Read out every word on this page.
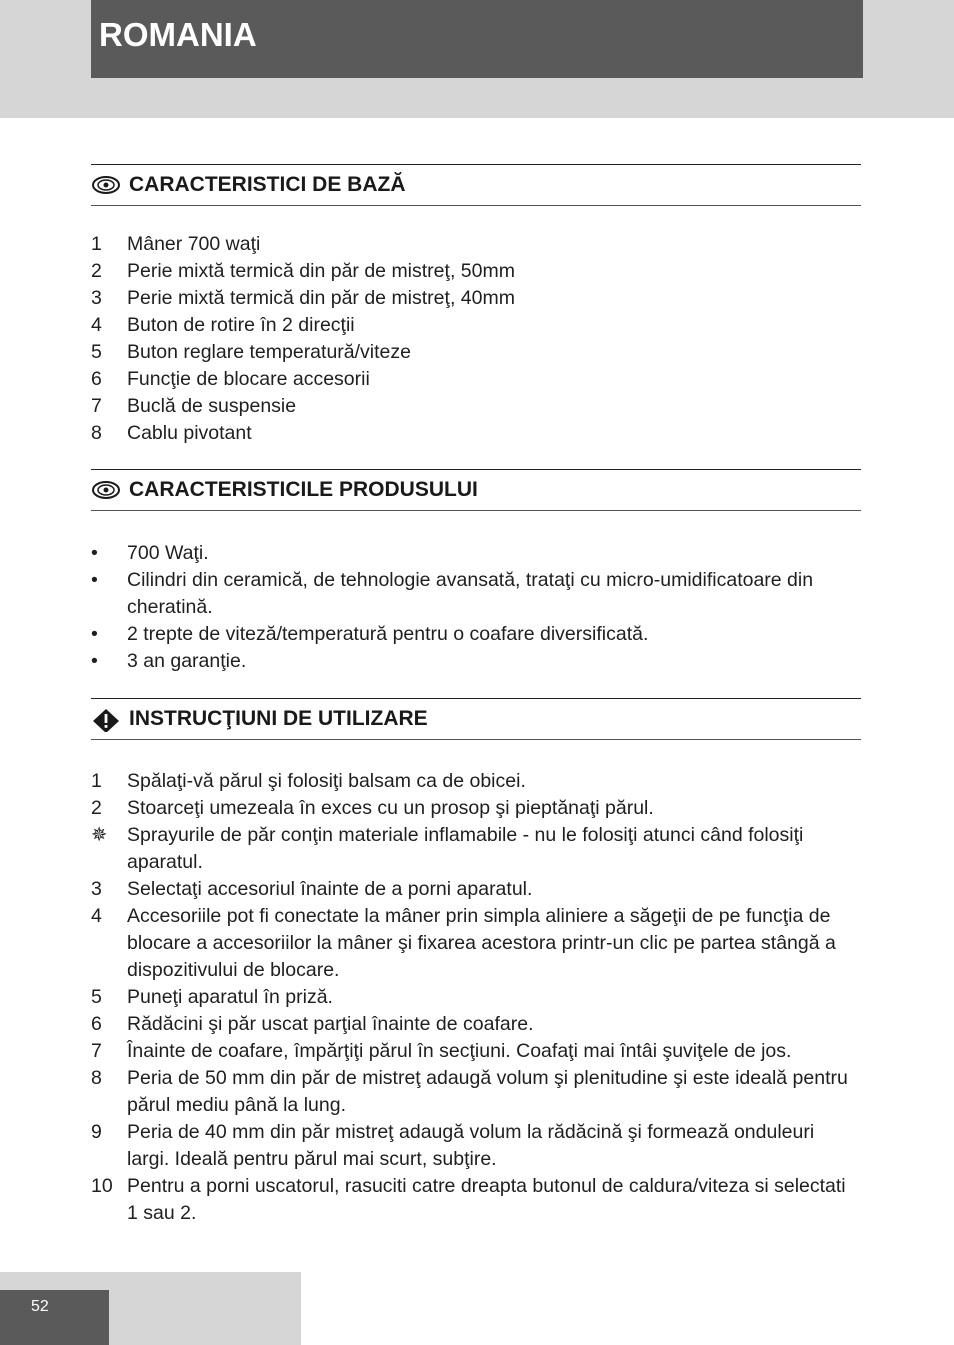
ROMANIA
CARACTERISTICI DE BAZĂ
1	Mâner 700 waţi
2	Perie mixtă termică din păr de mistreţ, 50mm
3	Perie mixtă termică din păr de mistreţ, 40mm
4	Buton de rotire în 2 direcţii
5	Buton reglare temperatură/viteze
6	Funcţie de blocare accesorii
7	Buclă de suspensie
8	Cablu pivotant
CARACTERISTICILE PRODUSULUI
•	700 Waţi.
•	Cilindri din ceramică, de tehnologie avansată, trataţi cu micro-umidificatoare din cheratină.
•	2 trepte de viteză/temperatură pentru o coafare diversificată.
•	3 an garanţie.
INSTRUCŢIUNI DE UTILIZARE
1	Spălaţi-vă părul şi folosiţi balsam ca de obicei.
2	Stoarceţi umezeala în exces cu un prosop şi pieptănaţi părul.
✵	Sprayurile de păr conţin materiale inflamabile - nu le folosiţi atunci când folosiţi aparatul.
3	Selectaţi accesoriul înainte de a porni aparatul.
4	Accesoriile pot fi conectate la mâner prin simpla aliniere a săgeţii de pe funcţia de blocare a accesoriilor la mâner şi fixarea acestora printr-un clic pe partea stângă a dispozitivului de blocare.
5	Puneţi aparatul în priză.
6	Rădăcini şi păr uscat parţial înainte de coafare.
7	Înainte de coafare, împărţiţi părul în secţiuni. Coafaţi mai întâi şuviţele de jos.
8	Peria de 50 mm din păr de mistreţ adaugă volum şi plenitudine şi este ideală pentru părul mediu până la lung.
9	Peria de 40 mm din păr mistreţ adaugă volum la rădăcină şi formează onduleuri largi. Ideală pentru părul mai scurt, subţire.
10 Pentru a porni uscatorul, rasuciti catre dreapta butonul de caldura/viteza si selectati 1 sau 2.
52
